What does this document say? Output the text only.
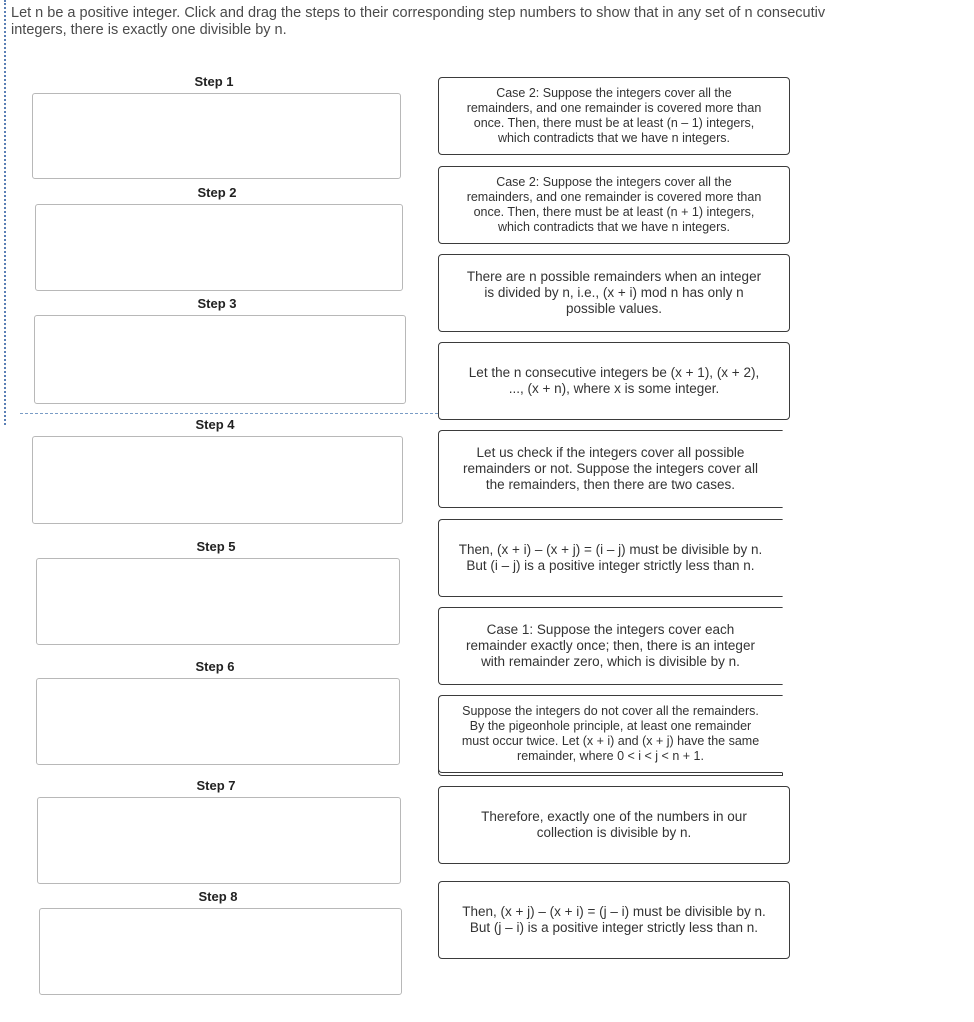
Let n be a positive integer. Click and drag the steps to their corresponding step numbers to show that in any set of n consecutiv
integers, there is exactly one divisible by n.

Step 1
Step 2
Step 3
Step 4
Step 5
Step 6
Step 7
Step 8
Case 2: Suppose the integers cover all the
remainders, and one remainder is covered more than
once. Then, there must be at least (n – 1) integers,
which contradicts that we have n integers.
Case 2: Suppose the integers cover all the
remainders, and one remainder is covered more than
once. Then, there must be at least (n + 1) integers,
which contradicts that we have n integers.
There are n possible remainders when an integer
is divided by n, i.e., (x + i) mod n has only n
possible values.
Let the n consecutive integers be (x + 1), (x + 2),
..., (x + n), where x is some integer.
Let us check if the integers cover all possible
remainders or not. Suppose the integers cover all
the remainders, then there are two cases.
Then, (x + i) – (x + j) = (i – j) must be divisible by n.
But (i – j) is a positive integer strictly less than n.
Case 1: Suppose the integers cover each
remainder exactly once; then, there is an integer
with remainder zero, which is divisible by n.
Suppose the integers do not cover all the remainders.
By the pigeonhole principle, at least one remainder
must occur twice. Let (x + i) and (x + j) have the same
remainder, where 0 < i < j < n + 1.
Therefore, exactly one of the numbers in our
collection is divisible by n.
Then, (x + j) – (x + i) = (j – i) must be divisible by n.
But (j – i) is a positive integer strictly less than n.
